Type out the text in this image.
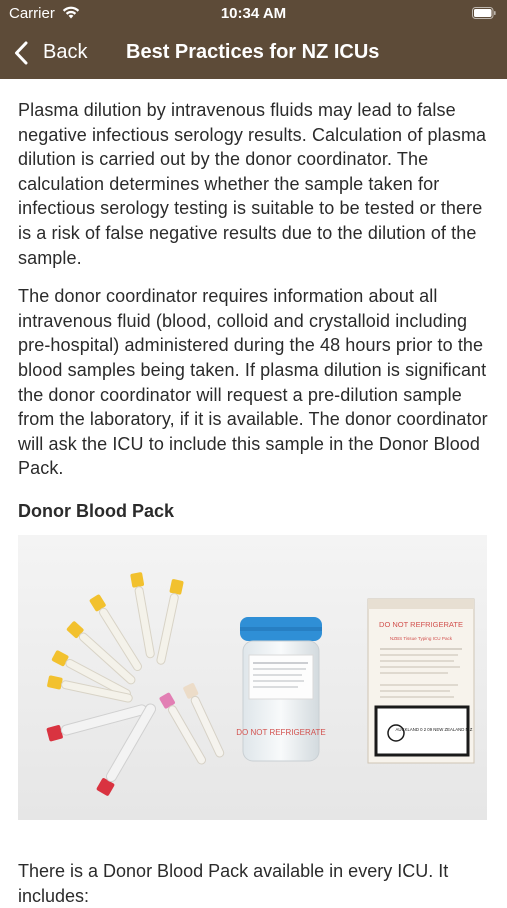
Carrier	10:34 AM
Back Best Practices for NZ ICUs

Plasma dilution by intravenous fluids may lead to false negative infectious serology results. Calculation of plasma dilution is carried out by the donor coordinator. The calculation determines whether the sample taken for infectious serology testing is suitable to be tested or there is a risk of false negative results due to the dilution of the sample.

The donor coordinator requires information about all intravenous fluid (blood, colloid and crystalloid including pre-hospital) administered during the 48 hours prior to the blood samples being taken. If plasma dilution is significant the donor coordinator will request a pre-dilution sample from the laboratory, if it is available. The donor coordinator will ask the ICU to include this sample in the Donor Blood Pack.

Donor Blood Pack
DO NOT REFRIGERATE
DO NOT REFRIGERATE
NZBS Tissue Typing ICU Pack
AUCKLAND 0 2 09 NEW ZEALAND N Z

There is a Donor Blood Pack available in every ICU. It includes:
